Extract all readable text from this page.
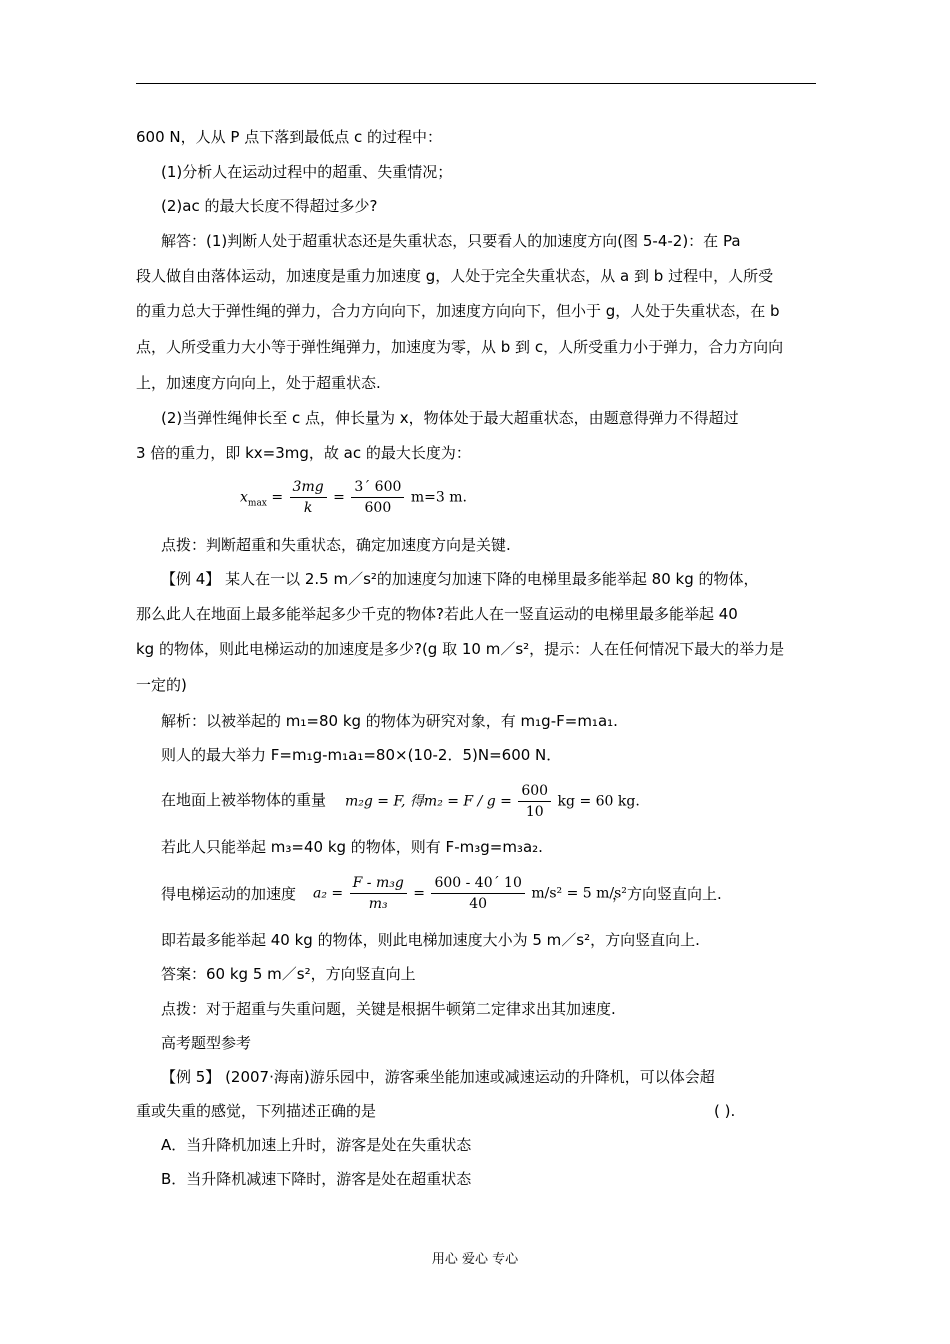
600 N，人从 P 点下落到最低点 c 的过程中：
(1)分析人在运动过程中的超重、失重情况；
(2)ac 的最大长度不得超过多少?
解答：(1)判断人处于超重状态还是失重状态，只要看人的加速度方向(图 5-4-2)：在 Pa
段人做自由落体运动，加速度是重力加速度 g，人处于完全失重状态，从 a 到 b 过程中，人所受
的重力总大于弹性绳的弹力，合力方向向下，加速度方向向下，但小于 g，人处于失重状态，在 b
点，人所受重力大小等于弹性绳弹力，加速度为零，从 b 到 c，人所受重力小于弹力，合力方向向
上，加速度方向向上，处于超重状态.
(2)当弹性绳伸长至 c 点，伸长量为 x，物体处于最大超重状态，由题意得弹力不得超过
3 倍的重力，即 kx=3mg，故 ac 的最大长度为：
$x_{max} = \frac{3mg}{k} = \frac{3´ 600}{600} m=3$ m.
点拨：判断超重和失重状态，确定加速度方向是关键.
【例 4】 某人在一以 2.5 m／s²的加速度匀加速下降的电梯里最多能举起 80 kg 的物体，
那么此人在地面上最多能举起多少千克的物体?若此人在一竖直运动的电梯里最多能举起 40
kg 的物体，则此电梯运动的加速度是多少?(g 取 10 m／s²，提示：人在任何情况下最大的举力是
一定的)
解析：以被举起的 m₁=80 kg 的物体为研究对象，有 m₁g-F=m₁a₁.
则人的最大举力 F=m₁g-m₁a₁=80×(10-2．5)N=600 N．
在地面上被举物体的重量 m₂g = F, 得$m_2 = F / g = \frac{600}{10}$ kg = 60 kg.
若此人只能举起 m₃=40 kg 的物体，则有 F-m₃g=m₃a₂.
得电梯运动的加速度 $a_2 = \frac{\text{F - m₃g}}{\text{m₃}} = \frac{600 - 40´ 10}{40} m/s^2 = 5$ m/s²
，方向竖直向上.
即若最多能举起 40 kg 的物体，则此电梯加速度大小为 5 m／s²，方向竖直向上.
答案：60 kg 5 m／s²，方向竖直向上
点拨：对于超重与失重问题，关键是根据牛顿第二定律求出其加速度.
高考题型参考
【例 5】 (2007·海南)游乐园中，游客乘坐能加速或减速运动的升降机，可以体会超
重或失重的感觉，下列描述正确的是	( ).
A．当升降机加速上升时，游客是处在失重状态
B．当升降机减速下降时，游客是处在超重状态
用心 爱心 专心
